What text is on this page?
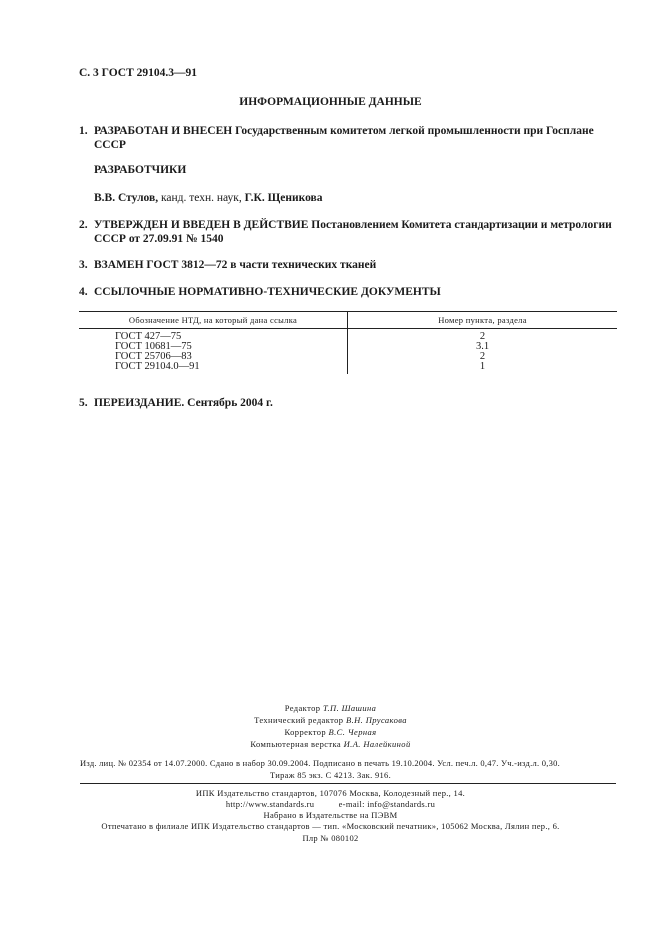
С. 3 ГОСТ 29104.3—91
ИНФОРМАЦИОННЫЕ ДАННЫЕ
1. РАЗРАБОТАН И ВНЕСЕН Государственным комитетом легкой промышленности при Госплане СССР
РАЗРАБОТЧИКИ
В.В. Стулов, канд. техн. наук, Г.К. Щеникова
2. УТВЕРЖДЕН И ВВЕДЕН В ДЕЙСТВИЕ Постановлением Комитета стандартизации и метрологии СССР от 27.09.91 № 1540
3. ВЗАМЕН ГОСТ 3812—72 в части технических тканей
4. ССЫЛОЧНЫЕ НОРМАТИВНО-ТЕХНИЧЕСКИЕ ДОКУМЕНТЫ
Обозначение НТД, на который дана ссылка	Номер пункта, раздела
ГОСТ 427—75	2
ГОСТ 10681—75	3.1
ГОСТ 25706—83	2
ГОСТ 29104.0—91	1
5. ПЕРЕИЗДАНИЕ. Сентябрь 2004 г.
Редактор Т.П. Шашина
Технический редактор В.Н. Прусакова
Корректор В.С. Черная
Компьютерная верстка И.А. Налейкиной
Изд. лиц. № 02354 от 14.07.2000. Сдано в набор 30.09.2004. Подписано в печать 19.10.2004. Усл. печ.л. 0,47. Уч.-изд.л. 0,30.
Тираж 85 экз. С 4213. Зак. 916.
ИПК Издательство стандартов, 107076 Москва, Колодезный пер., 14.
http://www.standards.ru	e-mail: info@standards.ru
Набрано в Издательстве на ПЭВМ
Отпечатано в филиале ИПК Издательство стандартов — тип. «Московский печатник», 105062 Москва, Лялин пер., 6.
Плр № 080102
